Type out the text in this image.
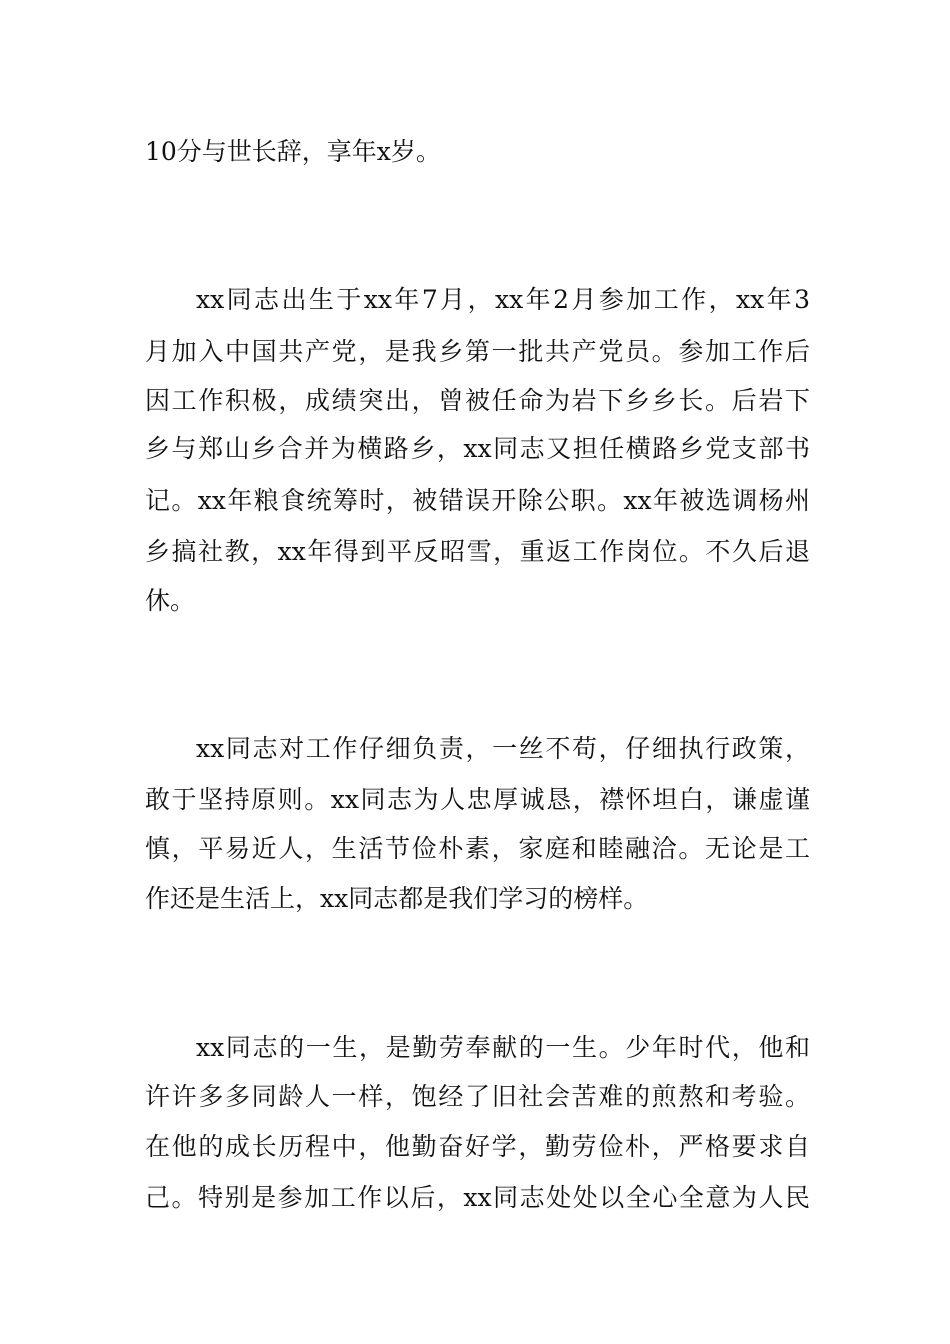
10分与世长辞，享年x岁。

xx同志出生于xx年7月，xx年2月参加工作，xx年3

月加入中国共产党，是我乡第一批共产党员。参加工作后

因工作积极，成绩突出，曾被任命为岩下乡乡长。后岩下

乡与郑山乡合并为横路乡，xx同志又担任横路乡党支部书

记。xx年粮食统筹时，被错误开除公职。xx年被选调杨州

乡搞社教，xx年得到平反昭雪，重返工作岗位。不久后退

休。

xx同志对工作仔细负责，一丝不苟，仔细执行政策，

敢于坚持原则。xx同志为人忠厚诚恳，襟怀坦白，谦虚谨

慎，平易近人，生活节俭朴素，家庭和睦融洽。无论是工

作还是生活上，xx同志都是我们学习的榜样。

xx同志的一生，是勤劳奉献的一生。少年时代，他和

许许多多同龄人一样，饱经了旧社会苦难的煎熬和考验。

在他的成长历程中，他勤奋好学，勤劳俭朴，严格要求自

己。特别是参加工作以后，xx同志处处以全心全意为人民
